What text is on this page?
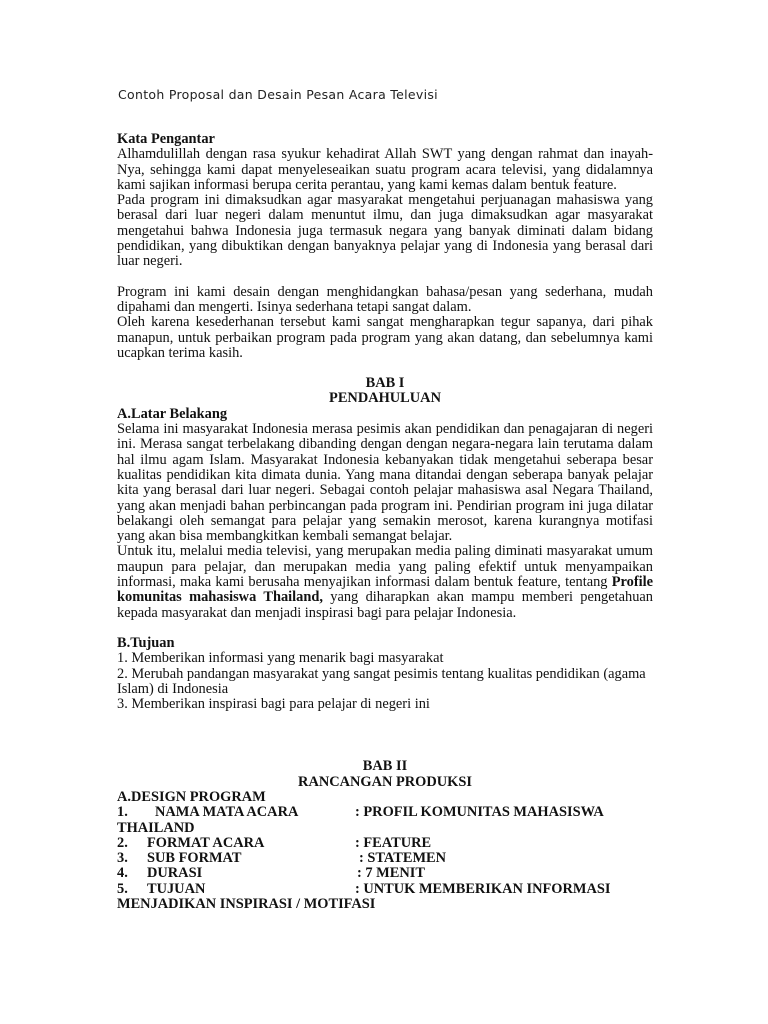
Contoh Proposal dan Desain Pesan Acara Televisi

Kata Pengantar

Alhamdulillah dengan rasa syukur kehadirat Allah SWT yang dengan rahmat dan inayah-Nya, sehingga kami dapat menyeleseaikan suatu program acara televisi, yang didalamnya kami sajikan informasi berupa cerita perantau, yang kami kemas dalam bentuk feature.

Pada program ini dimaksudkan agar masyarakat mengetahui perjuanagan mahasiswa yang berasal dari luar negeri dalam menuntut ilmu, dan juga dimaksudkan agar masyarakat mengetahui bahwa Indonesia juga termasuk negara yang banyak diminati dalam bidang pendidikan, yang dibuktikan dengan banyaknya pelajar yang di Indonesia yang berasal dari luar negeri.

Program ini kami desain dengan menghidangkan bahasa/pesan yang sederhana, mudah dipahami dan mengerti. Isinya sederhana tetapi sangat dalam.

Oleh karena kesederhanan tersebut kami sangat mengharapkan tegur sapanya, dari pihak manapun, untuk perbaikan program pada program yang akan datang, dan sebelumnya kami ucapkan terima kasih.

BAB I

PENDAHULUAN

A.Latar Belakang

Selama ini masyarakat Indonesia merasa pesimis akan pendidikan dan penagajaran di negeri ini. Merasa sangat terbelakang dibanding dengan dengan negara-negara lain terutama dalam hal ilmu agam Islam. Masyarakat Indonesia kebanyakan tidak mengetahui seberapa besar kualitas pendidikan kita dimata dunia. Yang mana ditandai dengan seberapa banyak pelajar kita yang berasal dari luar negeri. Sebagai contoh pelajar mahasiswa asal Negara Thailand, yang akan menjadi bahan perbincangan pada program ini. Pendirian program ini juga dilatar belakangi oleh semangat para pelajar yang semakin merosot, karena kurangnya motifasi yang akan bisa membangkitkan kembali semangat belajar.

Untuk itu, melalui media televisi, yang merupakan media paling diminati masyarakat umum maupun para pelajar, dan merupakan media yang paling efektif untuk menyampaikan informasi, maka kami berusaha menyajikan informasi dalam bentuk feature, tentang Profile komunitas mahasiswa Thailand, yang diharapkan akan mampu memberi pengetahuan kepada masyarakat dan menjadi inspirasi bagi para pelajar Indonesia.

B.Tujuan

1. Memberikan informasi yang menarik bagi masyarakat

2. Merubah pandangan masyarakat yang sangat pesimis tentang kualitas pendidikan (agama Islam) di Indonesia

3. Memberikan inspirasi bagi para pelajar di negeri ini

BAB II

RANCANGAN PRODUKSI

A.DESIGN PROGRAM

1.	NAMA MATA ACARA	: PROFIL KOMUNITAS MAHASISWA

THAILAND

2.	FORMAT ACARA	: FEATURE
3.	SUB FORMAT	: STATEMEN
4.	DURASI	: 7 MENIT
5.	TUJUAN	: UNTUK MEMBERIKAN INFORMASI

MENJADIKAN INSPIRASI / MOTIFASI
